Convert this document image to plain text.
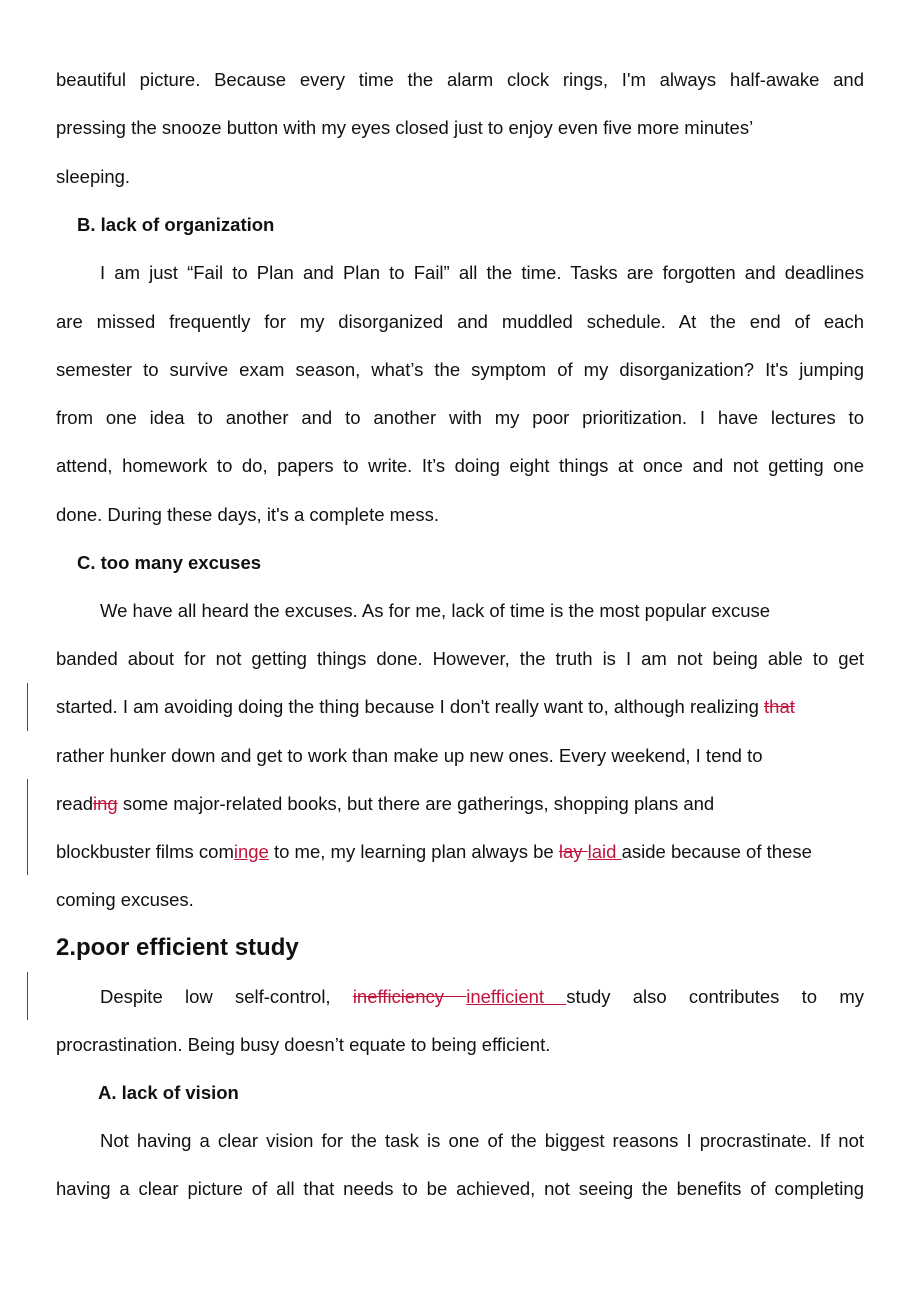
beautiful picture. Because every time the alarm clock rings, I'm always half-awake and
pressing the snooze button with my eyes closed just to enjoy even five more minutes’
sleeping.
B. lack of organization
I am just “Fail to Plan and Plan to Fail” all the time. Tasks are forgotten and deadlines
are missed frequently for my disorganized and muddled schedule. At the end of each
semester to survive exam season, what’s the symptom of my disorganization? It's jumping
from one idea to another and to another with my poor prioritization. I have lectures to
attend, homework to do, papers to write. It’s doing eight things at once and not getting one
done. During these days, it's a complete mess.
C. too many excuses
We have all heard the excuses. As for me, lack of time is the most popular excuse
banded about for not getting things done. However, the truth is I am not being able to get
started. I am avoiding doing the thing because I don't really want to, although realizing that
rather hunker down and get to work than make up new ones. Every weekend, I tend to
reading some major-related books, but there are gatherings, shopping plans and
blockbuster films cominge to me, my learning plan always be lay laid aside because of these
coming excuses.
2.poor efficient study
Despite low self-control, inefficiency inefficient study also contributes to my
procrastination. Being busy doesn’t equate to being efficient.
A. lack of vision
Not having a clear vision for the task is one of the biggest reasons I procrastinate. If not
having a clear picture of all that needs to be achieved, not seeing the benefits of completing
